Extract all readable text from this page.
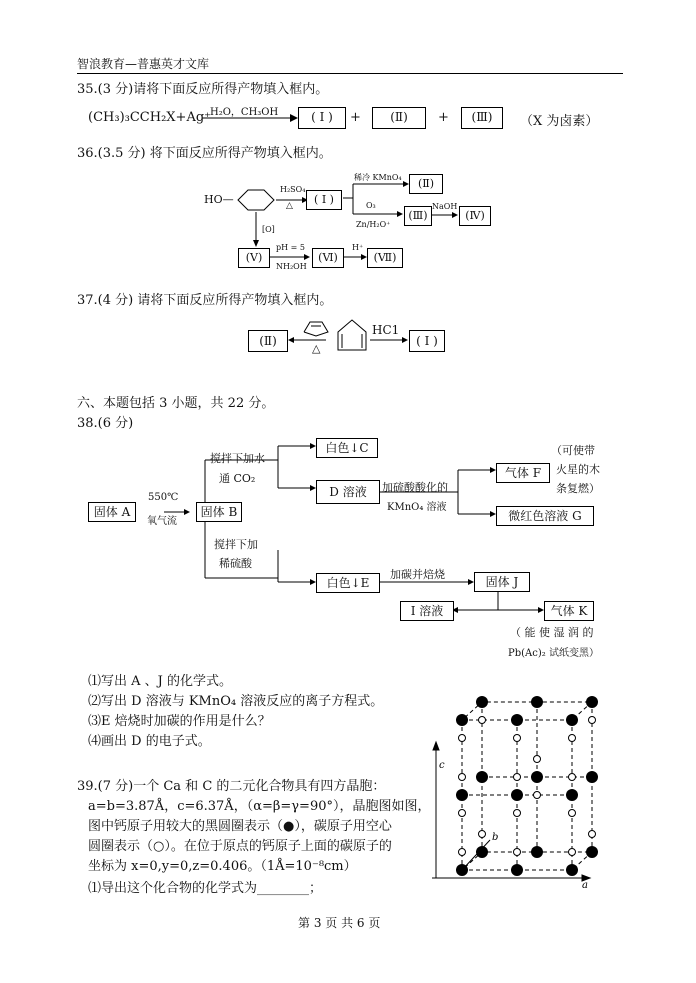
智浪教育—普惠英才文库
35.(3 分)请将下面反应所得产物填入框内。
(CH₃)₃CCH₂X+Ag⁺
H₂O，CH₃OH	( I )	+	(Ⅱ)	+	(Ⅲ)	（X 为卤素）
36.(3.5 分) 将下面反应所得产物填入框内。
HO—
H₂SO₄
△	( I )
稀冷 KMnO₄	(Ⅱ)
O₃
Zn/H₂O⁺
(Ⅲ)
NaOH
(Ⅳ)
[O]
(Ⅴ)
pH = 5
NH₂OH
(Ⅵ)
H⁺
(Ⅶ)
37.(4 分) 请将下面反应所得产物填入框内。
(Ⅱ)
△
HC1
( I )
六、本题包括 3 小题，共 22 分。
38.(6 分)
固体 A
550℃
氧气流
固体 B
搅拌下加水
通 CO₂
白色↓C
D 溶液	加硫酸酸化的
KMnO₄ 溶液
气体 F
（可使带
火星的木
条复燃）
微红色溶液 G
搅拌下加
稀硫酸
白色↓E
加碳并焙烧
固体 J
I 溶液	气体 K
（ 能 使 湿 润 的
Pb(Ac)₂ 试纸变黑）
⑴写出 A 、J 的化学式。
⑵写出 D 溶液与 KMnO₄ 溶液反应的离子方程式。
⑶E 焙烧时加碳的作用是什么？
⑷画出 D 的电子式。
39.(7 分)一个 Ca 和 C 的二元化合物具有四方晶胞：
a=b=3.87Å，c=6.37Å，（α=β=γ=90°），晶胞图如图，
图中钙原子用较大的黑圆圈表示（●），碳原子用空心
圆圈表示（○）。在位于原点的钙原子上面的碳原子的
坐标为 x=0,y=0,z=0.406。（1Å=10⁻⁸cm）
⑴导出这个化合物的化学式为________；
c
b
a
第 3 页 共 6 页
